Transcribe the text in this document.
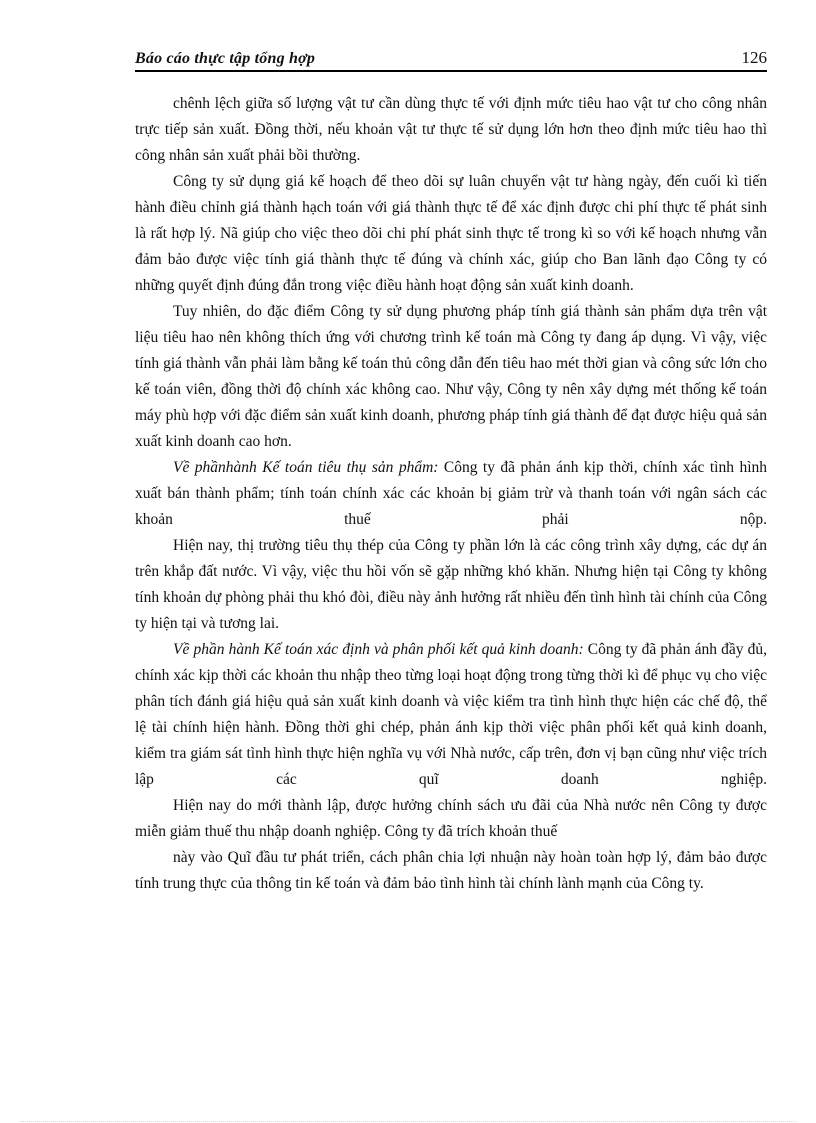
Báo cáo thực tập tổng hợp	126

chênh lệch giữa số lượng vật tư cần dùng thực tế với định mức tiêu hao vật tư cho công nhân trực tiếp sản xuất. Đồng thời, nếu khoản vật tư thực tế sử dụng lớn hơn theo định mức tiêu hao thì công nhân sản xuất phải bồi thường.

Công ty sử dụng giá kế hoạch để theo dõi sự luân chuyển vật tư hàng ngày, đến cuối kì tiến hành điều chỉnh giá thành hạch toán với giá thành thực tế để xác định được chi phí thực tế phát sinh là rất hợp lý. Nã giúp cho việc theo dõi chi phí phát sinh thực tế trong kì so với kế hoạch nhưng vẫn đảm bảo được việc tính giá thành thực tế đúng và chính xác, giúp cho Ban lãnh đạo Công ty có những quyết định đúng đắn trong việc điều hành hoạt động sản xuất kinh doanh.

Tuy nhiên, do đặc điểm Công ty sử dụng phương pháp tính giá thành sản phẩm dựa trên vật liệu tiêu hao nên không thích ứng với chương trình kế toán mà Công ty đang áp dụng. Vì vậy, việc tính giá thành vẫn phải làm bằng kế toán thủ công dẫn đến tiêu hao mét thời gian và công sức lớn cho kế toán viên, đồng thời độ chính xác không cao. Như vậy, Công ty nên xây dựng mét thống kế toán máy phù hợp với đặc điểm sản xuất kinh doanh, phương pháp tính giá thành để đạt được hiệu quả sản xuất kinh doanh cao hơn.

Về phầnhành Kế toán tiêu thụ sản phẩm: Công ty đã phản ánh kịp thời, chính xác tình hình xuất bán thành phẩm; tính toán chính xác các khoản bị giảm trừ và thanh toán với ngân sách các khoản thuế phải nộp.

Hiện nay, thị trường tiêu thụ thép của Công ty phần lớn là các công trình xây dựng, các dự án trên khắp đất nước. Vì vậy, việc thu hồi vốn sẽ gặp những khó khăn. Nhưng hiện tại Công ty không tính khoản dự phòng phải thu khó đòi, điều này ảnh hưởng rất nhiều đến tình hình tài chính của Công ty hiện tại và tương lai.

Về phần hành Kế toán xác định và phân phối kết quả kinh doanh: Công ty đã phản ánh đầy đủ, chính xác kịp thời các khoản thu nhập theo từng loại hoạt động trong từng thời kì để phục vụ cho việc phân tích đánh giá hiệu quả sản xuất kinh doanh và việc kiểm tra tình hình thực hiện các chế độ, thể lệ tài chính hiện hành. Đồng thời ghi chép, phản ánh kịp thời việc phân phối kết quả kinh doanh, kiểm tra giám sát tình hình thực hiện nghĩa vụ với Nhà nước, cấp trên, đơn vị bạn cũng như việc trích lập các quĩ doanh nghiệp.

Hiện nay do mới thành lập, được hưởng chính sách ưu đãi của Nhà nước nên Công ty được miễn giảm thuế thu nhập doanh nghiệp. Công ty đã trích khoản thuế

này vào Quĩ đầu tư phát triển, cách phân chia lợi nhuận này hoàn toàn hợp lý, đảm bảo được tính trung thực của thông tin kế toán và đảm bảo tình hình tài chính lành mạnh của Công ty.
